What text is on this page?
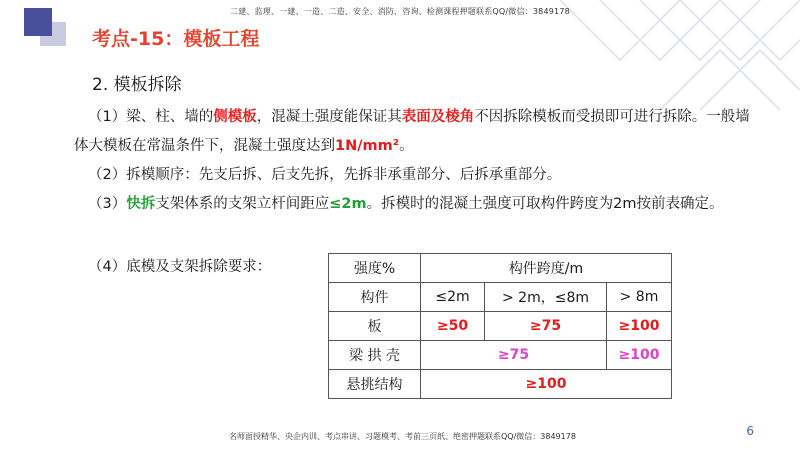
二建、监理、一建、一造、二造、安全、消防、咨询、检测课程押题联系QQ/微信：3849178
考点-15：模板工程
2. 模板拆除
（1）梁、柱、墙的侧模板，混凝土强度能保证其表面及棱角不因拆除模板而受损即可进行拆除。一般墙体大模板在常温条件下，混凝土强度达到1N/mm²。
（2）拆模顺序：先支后拆、后支先拆，先拆非承重部分、后拆承重部分。
（3）快拆支架体系的支架立杆间距应≤2m。拆模时的混凝土强度可取构件跨度为2m按前表确定。
（4）底模及支架拆除要求：	强度%	构件跨度/m		
构件	≤2m	> 2m，≤8m	> 8m
板	≥50	≥75	≥100
梁 拱 壳	≥75		≥100
悬挑结构	≥100		
6
名师面授精华、央企内训、考点串讲、习题模考、考前三页纸、绝密押题联系QQ/微信：3849178
